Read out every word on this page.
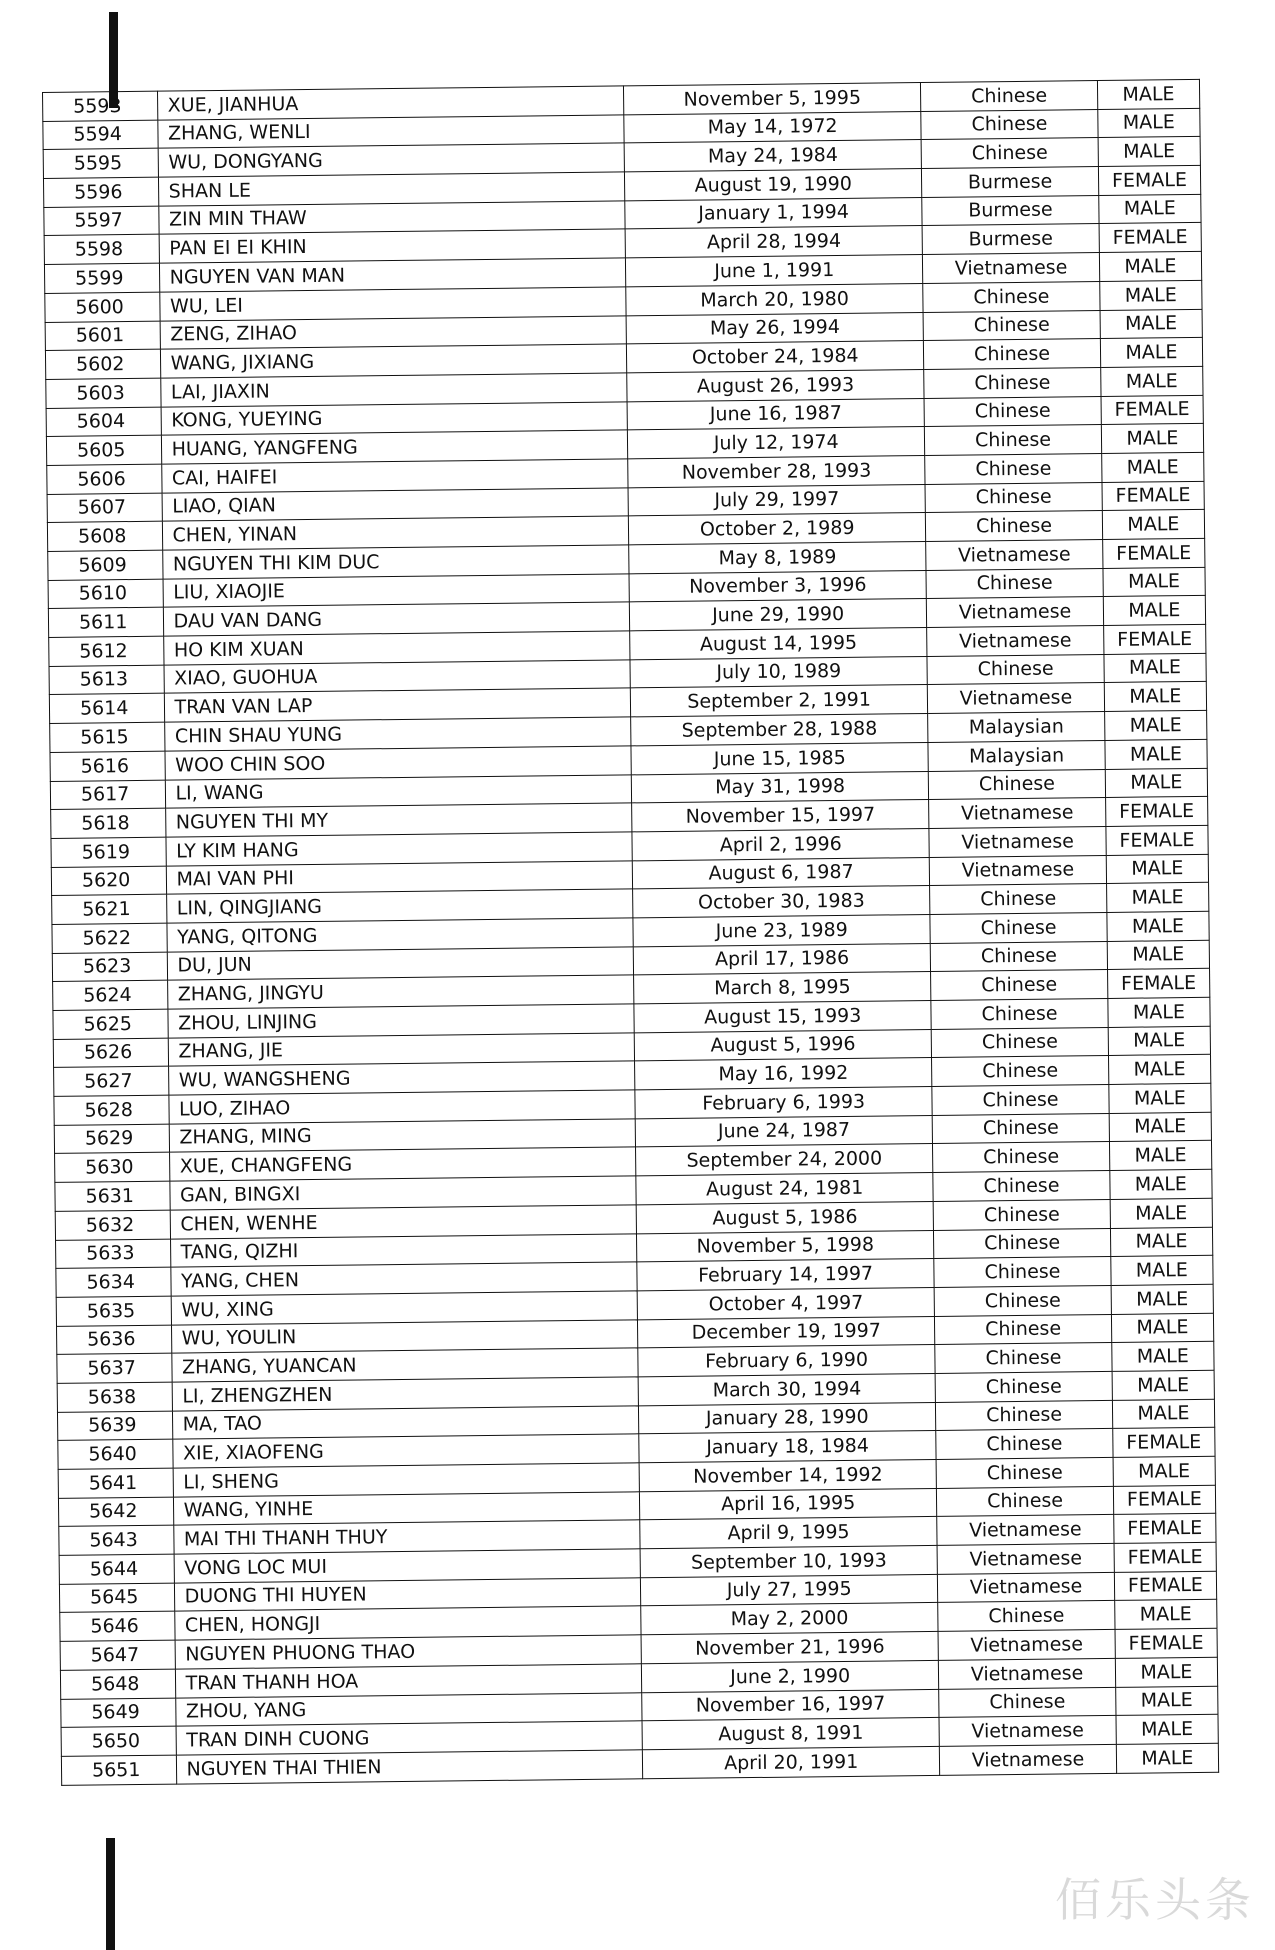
5593	XUE, JIANHUA	November 5, 1995	Chinese	MALE
5594	ZHANG, WENLI	May 14, 1972	Chinese	MALE
5595	WU, DONGYANG	May 24, 1984	Chinese	MALE
5596	SHAN LE	August 19, 1990	Burmese	FEMALE
5597	ZIN MIN THAW	January 1, 1994	Burmese	MALE
5598	PAN EI EI KHIN	April 28, 1994	Burmese	FEMALE
5599	NGUYEN VAN MAN	June 1, 1991	Vietnamese	MALE
5600	WU, LEI	March 20, 1980	Chinese	MALE
5601	ZENG, ZIHAO	May 26, 1994	Chinese	MALE
5602	WANG, JIXIANG	October 24, 1984	Chinese	MALE
5603	LAI, JIAXIN	August 26, 1993	Chinese	MALE
5604	KONG, YUEYING	June 16, 1987	Chinese	FEMALE
5605	HUANG, YANGFENG	July 12, 1974	Chinese	MALE
5606	CAI, HAIFEI	November 28, 1993	Chinese	MALE
5607	LIAO, QIAN	July 29, 1997	Chinese	FEMALE
5608	CHEN, YINAN	October 2, 1989	Chinese	MALE
5609	NGUYEN THI KIM DUC	May 8, 1989	Vietnamese	FEMALE
5610	LIU, XIAOJIE	November 3, 1996	Chinese	MALE
5611	DAU VAN DANG	June 29, 1990	Vietnamese	MALE
5612	HO KIM XUAN	August 14, 1995	Vietnamese	FEMALE
5613	XIAO, GUOHUA	July 10, 1989	Chinese	MALE
5614	TRAN VAN LAP	September 2, 1991	Vietnamese	MALE
5615	CHIN SHAU YUNG	September 28, 1988	Malaysian	MALE
5616	WOO CHIN SOO	June 15, 1985	Malaysian	MALE
5617	LI, WANG	May 31, 1998	Chinese	MALE
5618	NGUYEN THI MY	November 15, 1997	Vietnamese	FEMALE
5619	LY KIM HANG	April 2, 1996	Vietnamese	FEMALE
5620	MAI VAN PHI	August 6, 1987	Vietnamese	MALE
5621	LIN, QINGJIANG	October 30, 1983	Chinese	MALE
5622	YANG, QITONG	June 23, 1989	Chinese	MALE
5623	DU, JUN	April 17, 1986	Chinese	MALE
5624	ZHANG, JINGYU	March 8, 1995	Chinese	FEMALE
5625	ZHOU, LINJING	August 15, 1993	Chinese	MALE
5626	ZHANG, JIE	August 5, 1996	Chinese	MALE
5627	WU, WANGSHENG	May 16, 1992	Chinese	MALE
5628	LUO, ZIHAO	February 6, 1993	Chinese	MALE
5629	ZHANG, MING	June 24, 1987	Chinese	MALE
5630	XUE, CHANGFENG	September 24, 2000	Chinese	MALE
5631	GAN, BINGXI	August 24, 1981	Chinese	MALE
5632	CHEN, WENHE	August 5, 1986	Chinese	MALE
5633	TANG, QIZHI	November 5, 1998	Chinese	MALE
5634	YANG, CHEN	February 14, 1997	Chinese	MALE
5635	WU, XING	October 4, 1997	Chinese	MALE
5636	WU, YOULIN	December 19, 1997	Chinese	MALE
5637	ZHANG, YUANCAN	February 6, 1990	Chinese	MALE
5638	LI, ZHENGZHEN	March 30, 1994	Chinese	MALE
5639	MA, TAO	January 28, 1990	Chinese	MALE
5640	XIE, XIAOFENG	January 18, 1984	Chinese	FEMALE
5641	LI, SHENG	November 14, 1992	Chinese	MALE
5642	WANG, YINHE	April 16, 1995	Chinese	FEMALE
5643	MAI THI THANH THUY	April 9, 1995	Vietnamese	FEMALE
5644	VONG LOC MUI	September 10, 1993	Vietnamese	FEMALE
5645	DUONG THI HUYEN	July 27, 1995	Vietnamese	FEMALE
5646	CHEN, HONGJI	May 2, 2000	Chinese	MALE
5647	NGUYEN PHUONG THAO	November 21, 1996	Vietnamese	FEMALE
5648	TRAN THANH HOA	June 2, 1990	Vietnamese	MALE
5649	ZHOU, YANG	November 16, 1997	Chinese	MALE
5650	TRAN DINH CUONG	August 8, 1991	Vietnamese	MALE
5651	NGUYEN THAI THIEN	April 20, 1991	Vietnamese	MALE
佰乐头条
